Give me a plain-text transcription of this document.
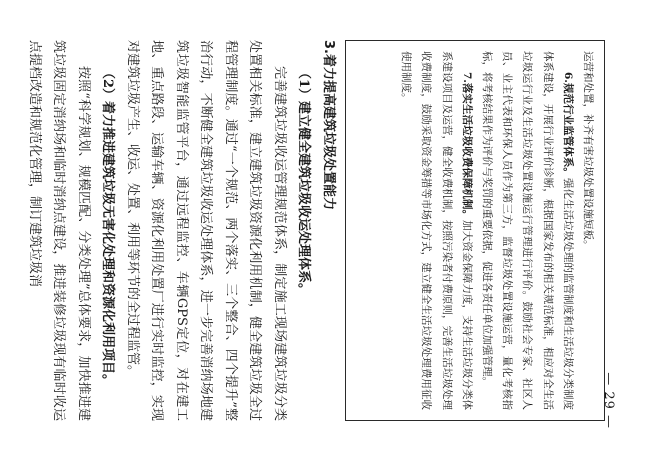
— 29 —

运营和处置，补齐有害垃圾处置设施短板。

6.规范行业监管体系。强化生活垃圾处理的监管制度和生活垃圾分类制度体系建设，开展行业评价诊断，根据国家发布的相关规范标准，相应对全生活垃圾运行业及生活垃圾处置设施运行管理进行评价。鼓励社会专家、社区人员、业主代表和环保人员作为第三方，监督垃圾处置设施运营，量化考核指标，将考核结果作为评价与奖罚的重要依据，促进各责任单位加强管理。

7.落实生活垃圾收费保障机制。加大资金保障力度，支持生活垃圾分类体系建设项目及运营，健全收费机制，按照污染者付费原则，完善生活垃圾处理收费制度，鼓励采取资金筹措等市场化方式，建立健全生活垃圾处理费用征收使用制度。

3.着力提高建筑垃圾处置能力

（1）建立健全建筑垃圾收运处理体系。

完善建筑垃圾收运管理规范体系，制定施工现场建筑垃圾分类处置相关标准，建立建筑垃圾资源化利用机制，健全建筑垃圾全过程管理制度。通过“一个规范、两个落实、三个整合、四个提升”整治行动，不断健全建筑垃圾收运处理体系，进一步完善消纳场地建筑垃圾智能监管平台，通过远程监控、车辆GPS定位，对在建工地、重点路段、运输车辆、资源化利用处置厂进行实时监控，实现对建筑垃圾产生、收运、处置、利用等环节的全过程监管。

（2）着力推进建筑垃圾无害化处理和资源化利用项目。

按照“科学规划、规模匹配、分类处理”总体要求，加快推进建筑垃圾固定消纳场和临时消纳点建设，推进装修垃圾现有临时收运点提档改造和规范化管理，制订建筑垃圾消
